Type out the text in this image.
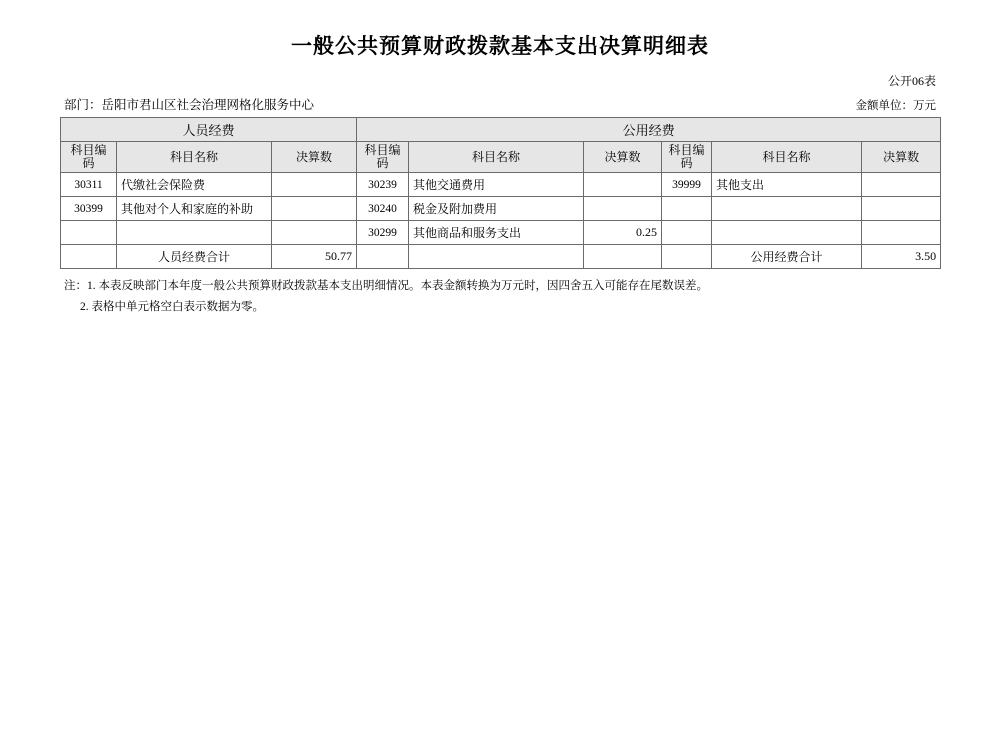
一般公共预算财政拨款基本支出决算明细表
公开06表
部门：岳阳市君山区社会治理网格化服务中心	金额单位：万元
人员经费			公用经费					
科目编码	科目名称	决算数	科目编码	科目名称	决算数	科目编码	科目名称	决算数
30311	代缴社会保险费		30239	其他交通费用		39999	其他支出	
30399	其他对个人和家庭的补助		30240	税金及附加费用				
			30299	其他商品和服务支出	0.25			
	人员经费合计	50.77					公用经费合计	3.50
注：1. 本表反映部门本年度一般公共预算财政拨款基本支出明细情况。本表金额转换为万元时，因四舍五入可能存在尾数误差。
2. 表格中单元格空白表示数据为零。
